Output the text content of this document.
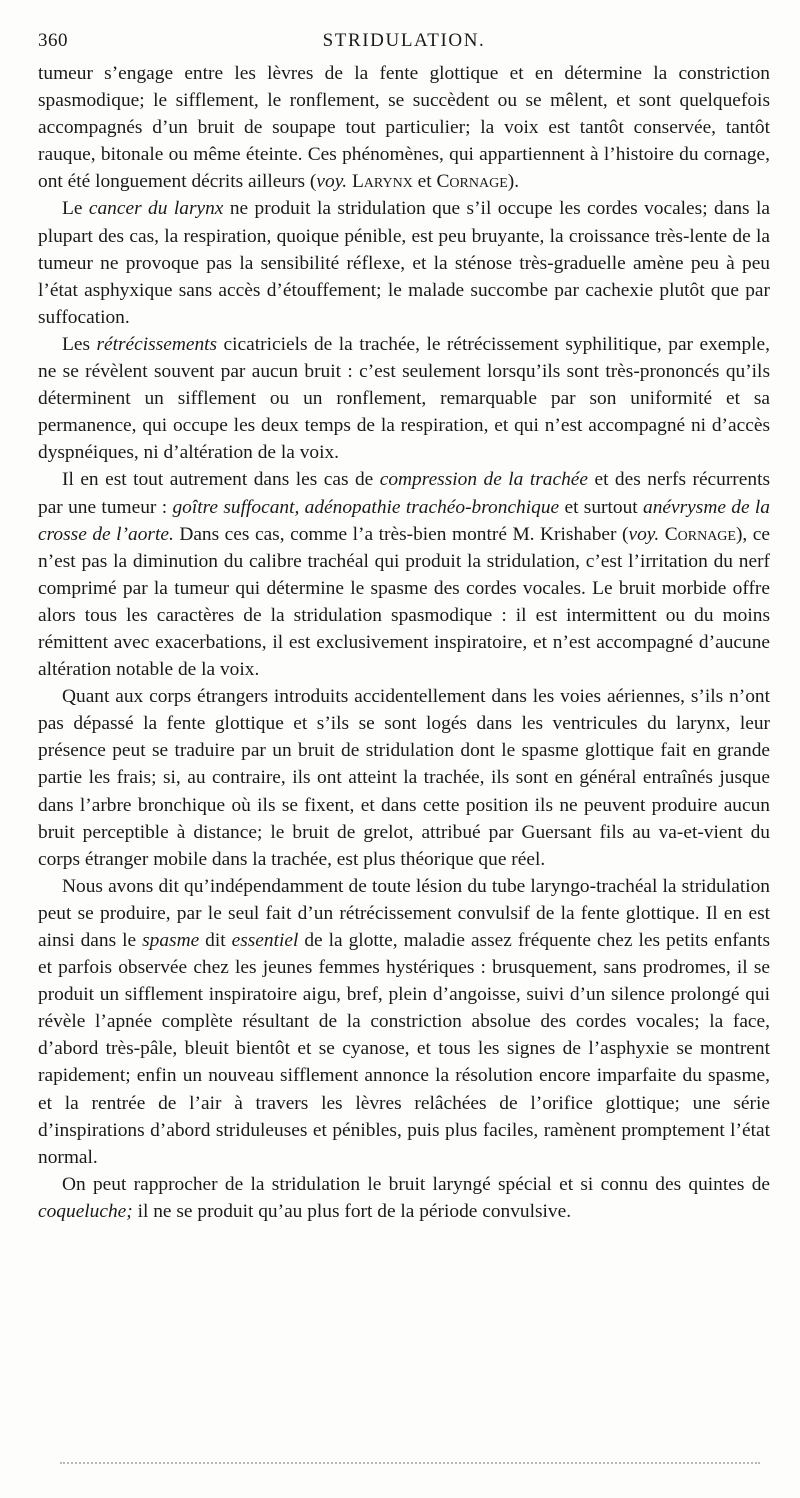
360	STRIDULATION.

tumeur s’engage entre les lèvres de la fente glottique et en détermine la constriction spasmodique; le sifflement, le ronflement, se succèdent ou se mêlent, et sont quelquefois accompagnés d’un bruit de soupape tout particulier; la voix est tantôt conservée, tantôt rauque, bitonale ou même éteinte. Ces phénomènes, qui appartiennent à l’histoire du cornage, ont été longuement décrits ailleurs (voy. Larynx et Cornage).

Le cancer du larynx ne produit la stridulation que s’il occupe les cordes vocales; dans la plupart des cas, la respiration, quoique pénible, est peu bruyante, la croissance très-lente de la tumeur ne provoque pas la sensibilité réflexe, et la sténose très-graduelle amène peu à peu l’état asphyxique sans accès d’étouffement; le malade succombe par cachexie plutôt que par suffocation.

Les rétrécissements cicatriciels de la trachée, le rétrécissement syphilitique, par exemple, ne se révèlent souvent par aucun bruit : c’est seulement lorsqu’ils sont très-prononcés qu’ils déterminent un sifflement ou un ronflement, remarquable par son uniformité et sa permanence, qui occupe les deux temps de la respiration, et qui n’est accompagné ni d’accès dyspnéiques, ni d’altération de la voix.

Il en est tout autrement dans les cas de compression de la trachée et des nerfs récurrents par une tumeur : goître suffocant, adénopathie trachéo-bronchique et surtout anévrysme de la crosse de l’aorte. Dans ces cas, comme l’a très-bien montré M. Krishaber (voy. Cornage), ce n’est pas la diminution du calibre trachéal qui produit la stridulation, c’est l’irritation du nerf comprimé par la tumeur qui détermine le spasme des cordes vocales. Le bruit morbide offre alors tous les caractères de la stridulation spasmodique : il est intermittent ou du moins rémittent avec exacerbations, il est exclusivement inspiratoire, et n’est accompagné d’aucune altération notable de la voix.

Quant aux corps étrangers introduits accidentellement dans les voies aériennes, s’ils n’ont pas dépassé la fente glottique et s’ils se sont logés dans les ventricules du larynx, leur présence peut se traduire par un bruit de stridulation dont le spasme glottique fait en grande partie les frais; si, au contraire, ils ont atteint la trachée, ils sont en général entraînés jusque dans l’arbre bronchique où ils se fixent, et dans cette position ils ne peuvent produire aucun bruit perceptible à distance; le bruit de grelot, attribué par Guersant fils au va-et-vient du corps étranger mobile dans la trachée, est plus théorique que réel.

Nous avons dit qu’indépendamment de toute lésion du tube laryngo-trachéal la stridulation peut se produire, par le seul fait d’un rétrécissement convulsif de la fente glottique. Il en est ainsi dans le spasme dit essentiel de la glotte, maladie assez fréquente chez les petits enfants et parfois observée chez les jeunes femmes hystériques : brusquement, sans prodromes, il se produit un sifflement inspiratoire aigu, bref, plein d’angoisse, suivi d’un silence prolongé qui révèle l’apnée complète résultant de la constriction absolue des cordes vocales; la face, d’abord très-pâle, bleuit bientôt et se cyanose, et tous les signes de l’asphyxie se montrent rapidement; enfin un nouveau sifflement annonce la résolution encore imparfaite du spasme, et la rentrée de l’air à travers les lèvres relâchées de l’orifice glottique; une série d’inspirations d’abord striduleuses et pénibles, puis plus faciles, ramènent promptement l’état normal.

On peut rapprocher de la stridulation le bruit laryngé spécial et si connu des quintes de coqueluche; il ne se produit qu’au plus fort de la période convulsive.
